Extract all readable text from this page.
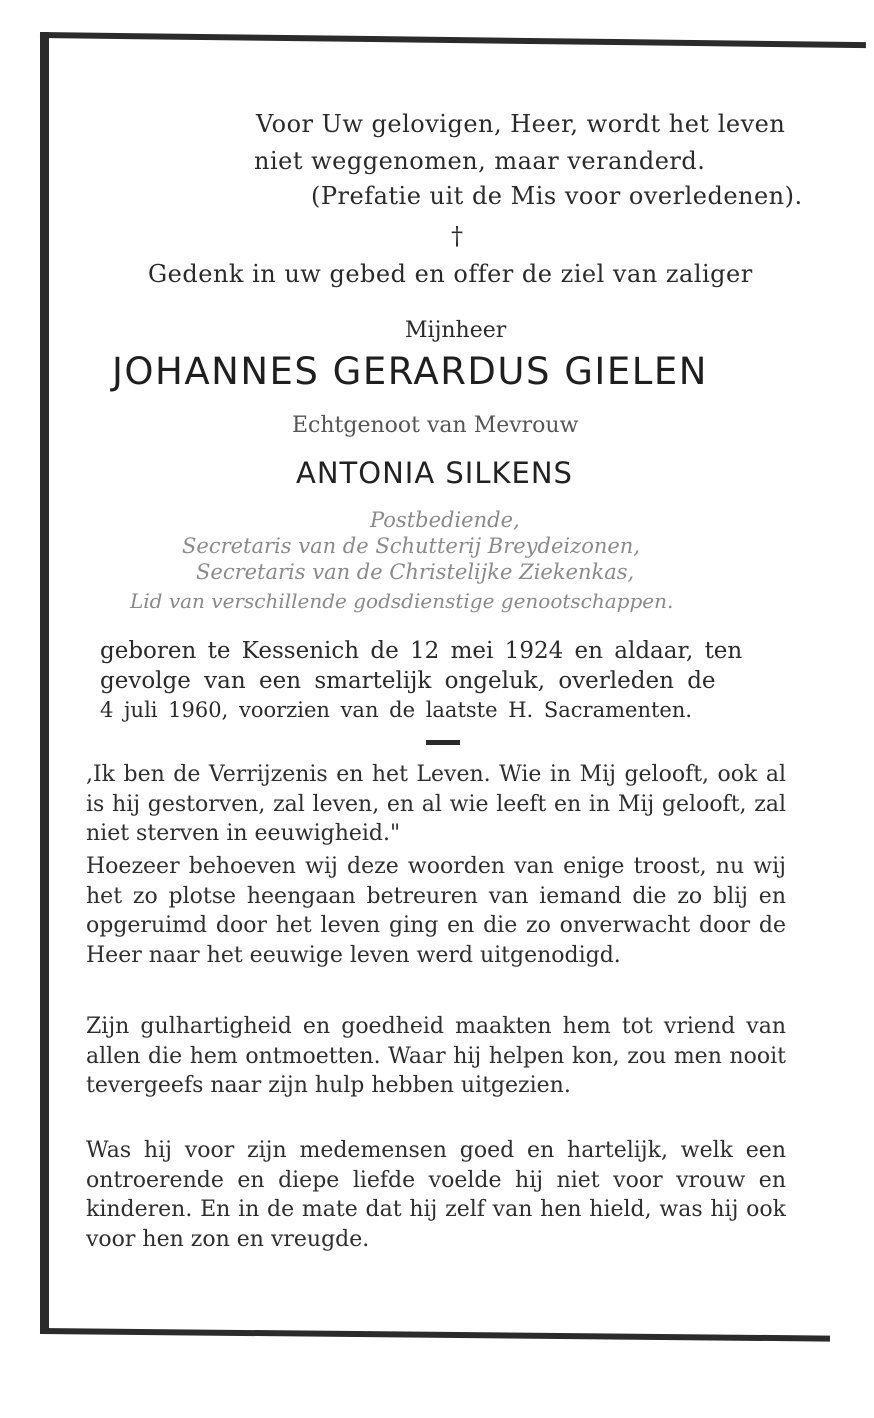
Voor Uw gelovigen, Heer, wordt het leven
niet weggenomen, maar veranderd.
(Prefatie uit de Mis voor overledenen).
†
Gedenk in uw gebed en offer de ziel van zaliger
Mijnheer
JOHANNES GERARDUS GIELEN
Echtgenoot van Mevrouw
ANTONIA SILKENS
Postbediende,
Secretaris van de Schutterij Breydeizonen,
Secretaris van de Christelijke Ziekenkas,
Lid van verschillende godsdienstige genootschappen.
geboren te Kessenich de 12 mei 1924 en aldaar, ten
gevolge van een smartelijk ongeluk, overleden de
4 juli 1960, voorzien van de laatste H. Sacramenten.
,Ik ben de Verrijzenis en het Leven. Wie in Mij gelooft, ook al is hij gestorven, zal leven, en al wie leeft en in Mij gelooft, zal niet sterven in eeuwigheid."
Hoezeer behoeven wij deze woorden van enige troost, nu wij het zo plotse heengaan betreuren van iemand die zo blij en opgeruimd door het leven ging en die zo onverwacht door de Heer naar het eeuwige leven werd uitgenodigd.
Zijn gulhartigheid en goedheid maakten hem tot vriend van allen die hem ontmoetten. Waar hij helpen kon, zou men nooit tevergeefs naar zijn hulp hebben uitgezien.
Was hij voor zijn medemensen goed en hartelijk, welk een ontroerende en diepe liefde voelde hij niet voor vrouw en kinderen. En in de mate dat hij zelf van hen hield, was hij ook voor hen zon en vreugde.
